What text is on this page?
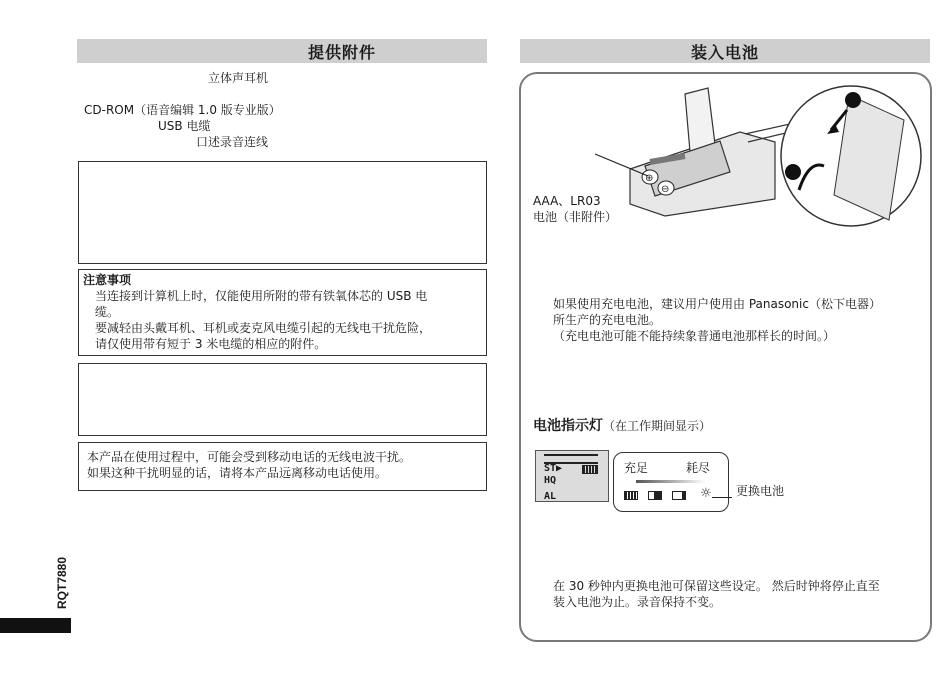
提供附件
立体声耳机
CD-ROM（语音编辑 1.0 版专业版）
USB 电缆
口述录音连线
注意事项
当连接到计算机上时，仅能使用所附的带有铁氧体芯的 USB 电
缆。
要减轻由头戴耳机、耳机或麦克风电缆引起的无线电干扰危险，
请仅使用带有短于 3 米电缆的相应的附件。
本产品在使用过程中，可能会受到移动电话的无线电波干扰。
如果这种干扰明显的话，请将本产品远离移动电话使用。
RQT7880
装入电池
⊕
⊖
AAA、LR03
电池（非附件）
如果使用充电电池，建议用户使用由 Panasonic（松下电器）
所生产的充电电池。
（充电电池可能不能持续象普通电池那样长的时间。）
电池指示灯（在工作期间显示）
ST▶
HQ
AL
充足	耗尽
☼	更换电池
在 30 秒钟内更换电池可保留这些设定。 然后时钟将停止直至
装入电池为止。录音保持不变。
